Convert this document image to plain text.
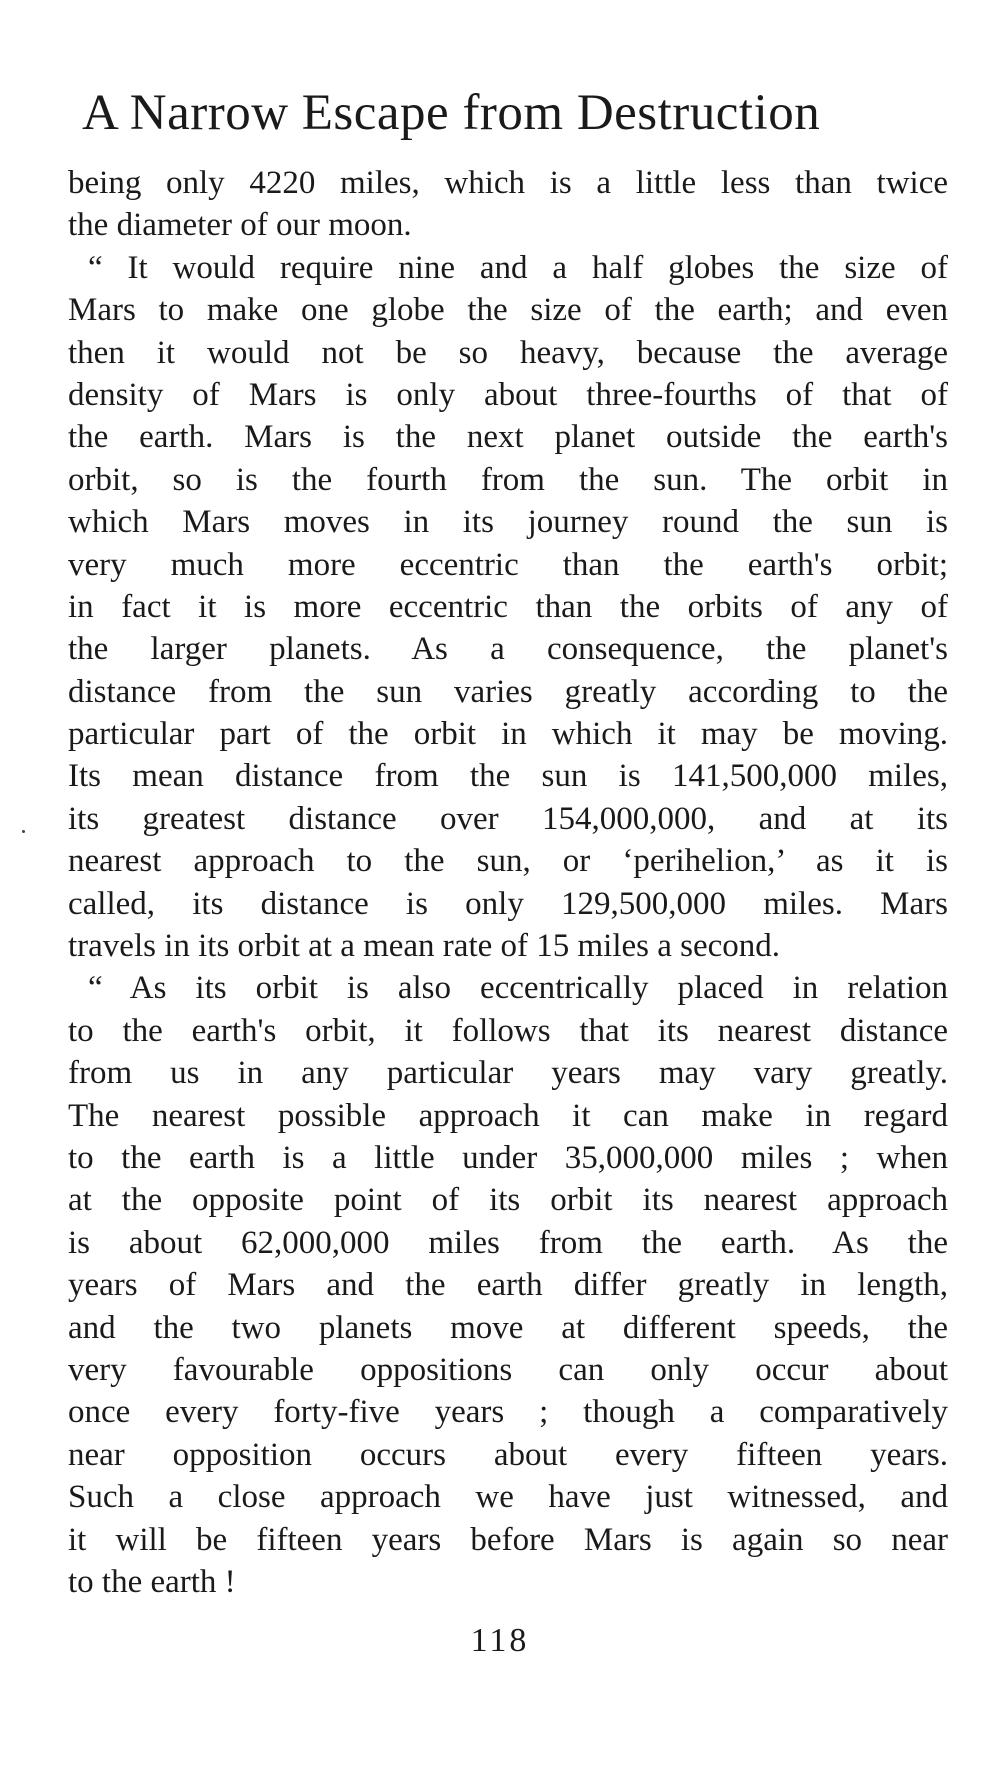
A Narrow Escape from Destruction

being only 4220 miles, which is a little less than twice
the diameter of our moon.

“ It would require nine and a half globes the size of
Mars to make one globe the size of the earth; and even
then it would not be so heavy, because the average
density of Mars is only about three-fourths of that of
the earth. Mars is the next planet outside the earth's
orbit, so is the fourth from the sun. The orbit in
which Mars moves in its journey round the sun is
very much more eccentric than the earth's orbit;
in fact it is more eccentric than the orbits of any of
the larger planets. As a consequence, the planet's
distance from the sun varies greatly according to the
particular part of the orbit in which it may be moving.
Its mean distance from the sun is 141,500,000 miles,
its greatest distance over 154,000,000, and at its
nearest approach to the sun, or ‘perihelion,’ as it is
called, its distance is only 129,500,000 miles. Mars
travels in its orbit at a mean rate of 15 miles a second.

“ As its orbit is also eccentrically placed in relation
to the earth's orbit, it follows that its nearest distance
from us in any particular years may vary greatly.
The nearest possible approach it can make in regard
to the earth is a little under 35,000,000 miles ; when
at the opposite point of its orbit its nearest approach
is about 62,000,000 miles from the earth. As the
years of Mars and the earth differ greatly in length,
and the two planets move at different speeds, the
very favourable oppositions can only occur about
once every forty-five years ; though a comparatively
near opposition occurs about every fifteen years.
Such a close approach we have just witnessed, and
it will be fifteen years before Mars is again so near
to the earth !

118
